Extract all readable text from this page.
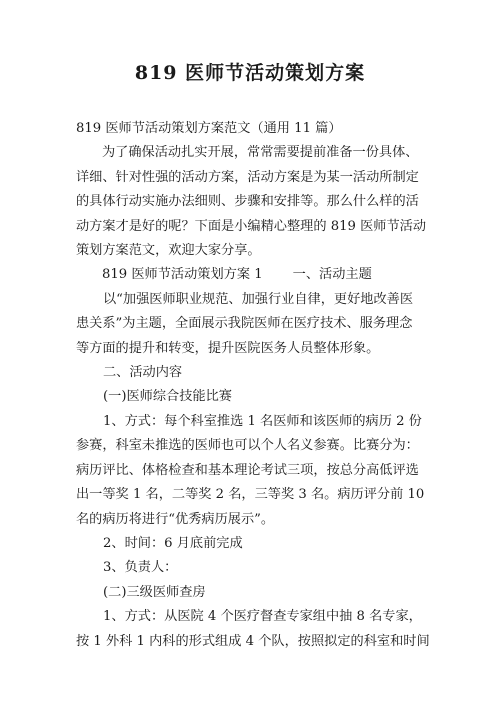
819 医师节活动策划方案
819 医师节活动策划方案范文（通用 11 篇）
为了确保活动扎实开展，常常需要提前准备一份具体、
详细、针对性强的活动方案，活动方案是为某一活动所制定
的具体行动实施办法细则、步骤和安排等。那么什么样的活
动方案才是好的呢？下面是小编精心整理的 819 医师节活动
策划方案范文，欢迎大家分享。
819 医师节活动策划方案 1 一、活动主题
以“加强医师职业规范、加强行业自律，更好地改善医
患关系”为主题，全面展示我院医师在医疗技术、服务理念
等方面的提升和转变，提升医院医务人员整体形象。
二、活动内容
(一)医师综合技能比赛
1、方式：每个科室推选 1 名医师和该医师的病历 2 份
参赛，科室未推选的医师也可以个人名义参赛。比赛分为：
病历评比、体格检查和基本理论考试三项，按总分高低评选
出一等奖 1 名，二等奖 2 名，三等奖 3 名。病历评分前 10
名的病历将进行“优秀病历展示”。
2、时间：6 月底前完成
3、负责人：
(二)三级医师查房
1、方式：从医院 4 个医疗督查专家组中抽 8 名专家，
按 1 外科 1 内科的形式组成 4 个队，按照拟定的科室和时间
